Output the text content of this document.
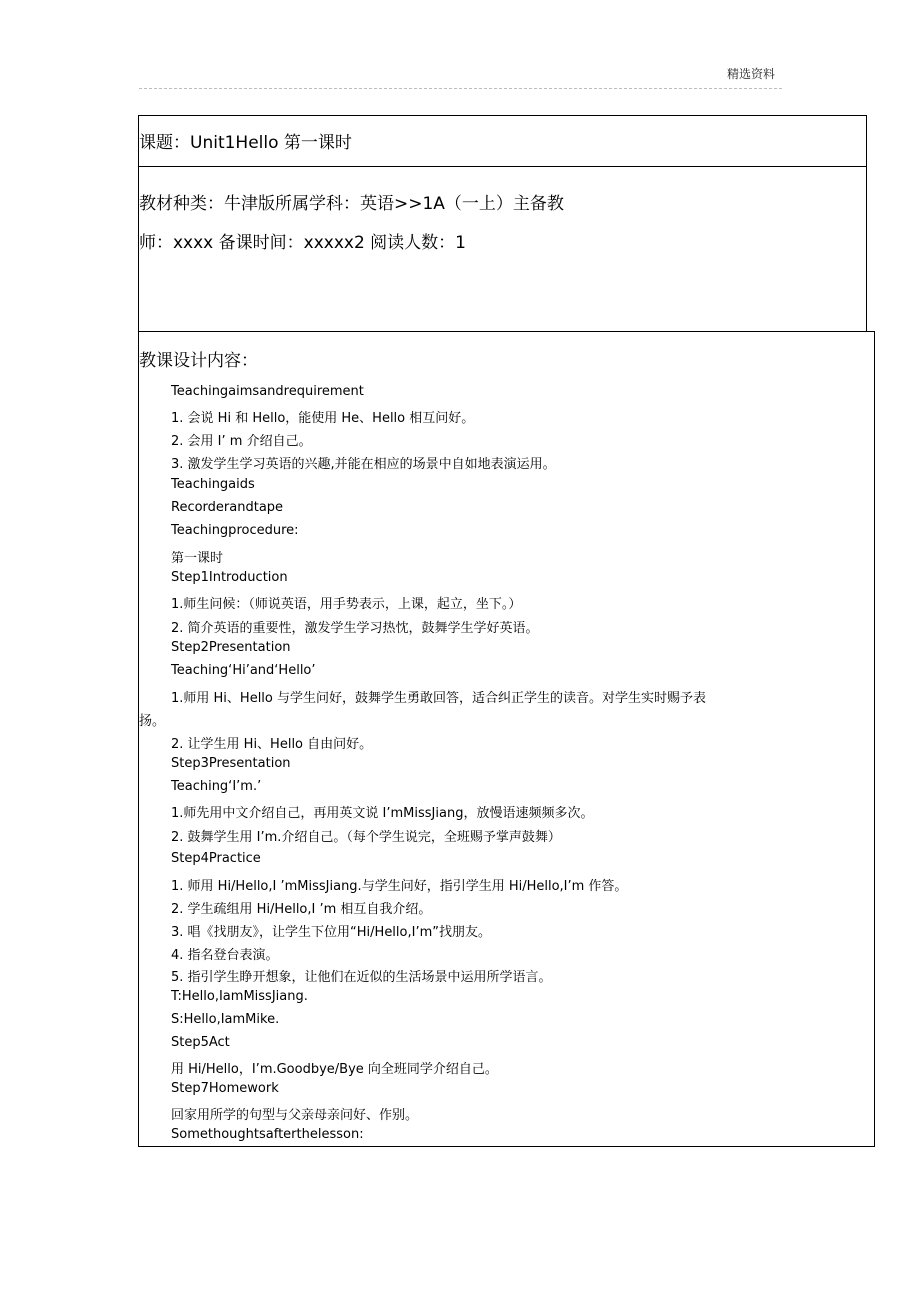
精选资料
课题：Unit1Hello 第一课时
教材种类：牛津版所属学科：英语>>1A（一上）主备教
师：xxxx 备课时间：xxxxx2 阅读人数：1
教课设计内容：
Teachingaimsandrequirement
1. 会说 Hi 和 Hello，能使用 He、Hello 相互问好。
2. 会用 I’ m 介绍自己。
3. 激发学生学习英语的兴趣,并能在相应的场景中自如地表演运用。
Teachingaids
Recorderandtape
Teachingprocedure:
第一课时
Step1Introduction
1.师生问候：（师说英语，用手势表示，上课，起立，坐下。）
2. 简介英语的重要性，激发学生学习热忱，鼓舞学生学好英语。
Step2Presentation
Teaching‘Hi’and‘Hello’
1.师用 Hi、Hello 与学生问好，鼓舞学生勇敢回答，适合纠正学生的读音。对学生实时赐予表
扬。
2. 让学生用 Hi、Hello 自由问好。
Step3Presentation
Teaching‘I’m.’
1.师先用中文介绍自己，再用英文说 I’mMissJiang，放慢语速频频多次。
2. 鼓舞学生用 I’m.介绍自己。（每个学生说完，全班赐予掌声鼓舞）
Step4Practice
1. 师用 Hi/Hello,I ’mMissJiang.与学生问好，指引学生用 Hi/Hello,I’m 作答。
2. 学生疏组用 Hi/Hello,I ’m 相互自我介绍。
3. 唱《找朋友》，让学生下位用“Hi/Hello,I’m”找朋友。
4. 指名登台表演。
5. 指引学生睁开想象，让他们在近似的生活场景中运用所学语言。
T:Hello,IamMissJiang.
S:Hello,IamMike.
Step5Act
用 Hi/Hello，I’m.Goodbye/Bye 向全班同学介绍自己。
Step7Homework
回家用所学的句型与父亲母亲问好、作别。
Somethoughtsafterthelesson:
